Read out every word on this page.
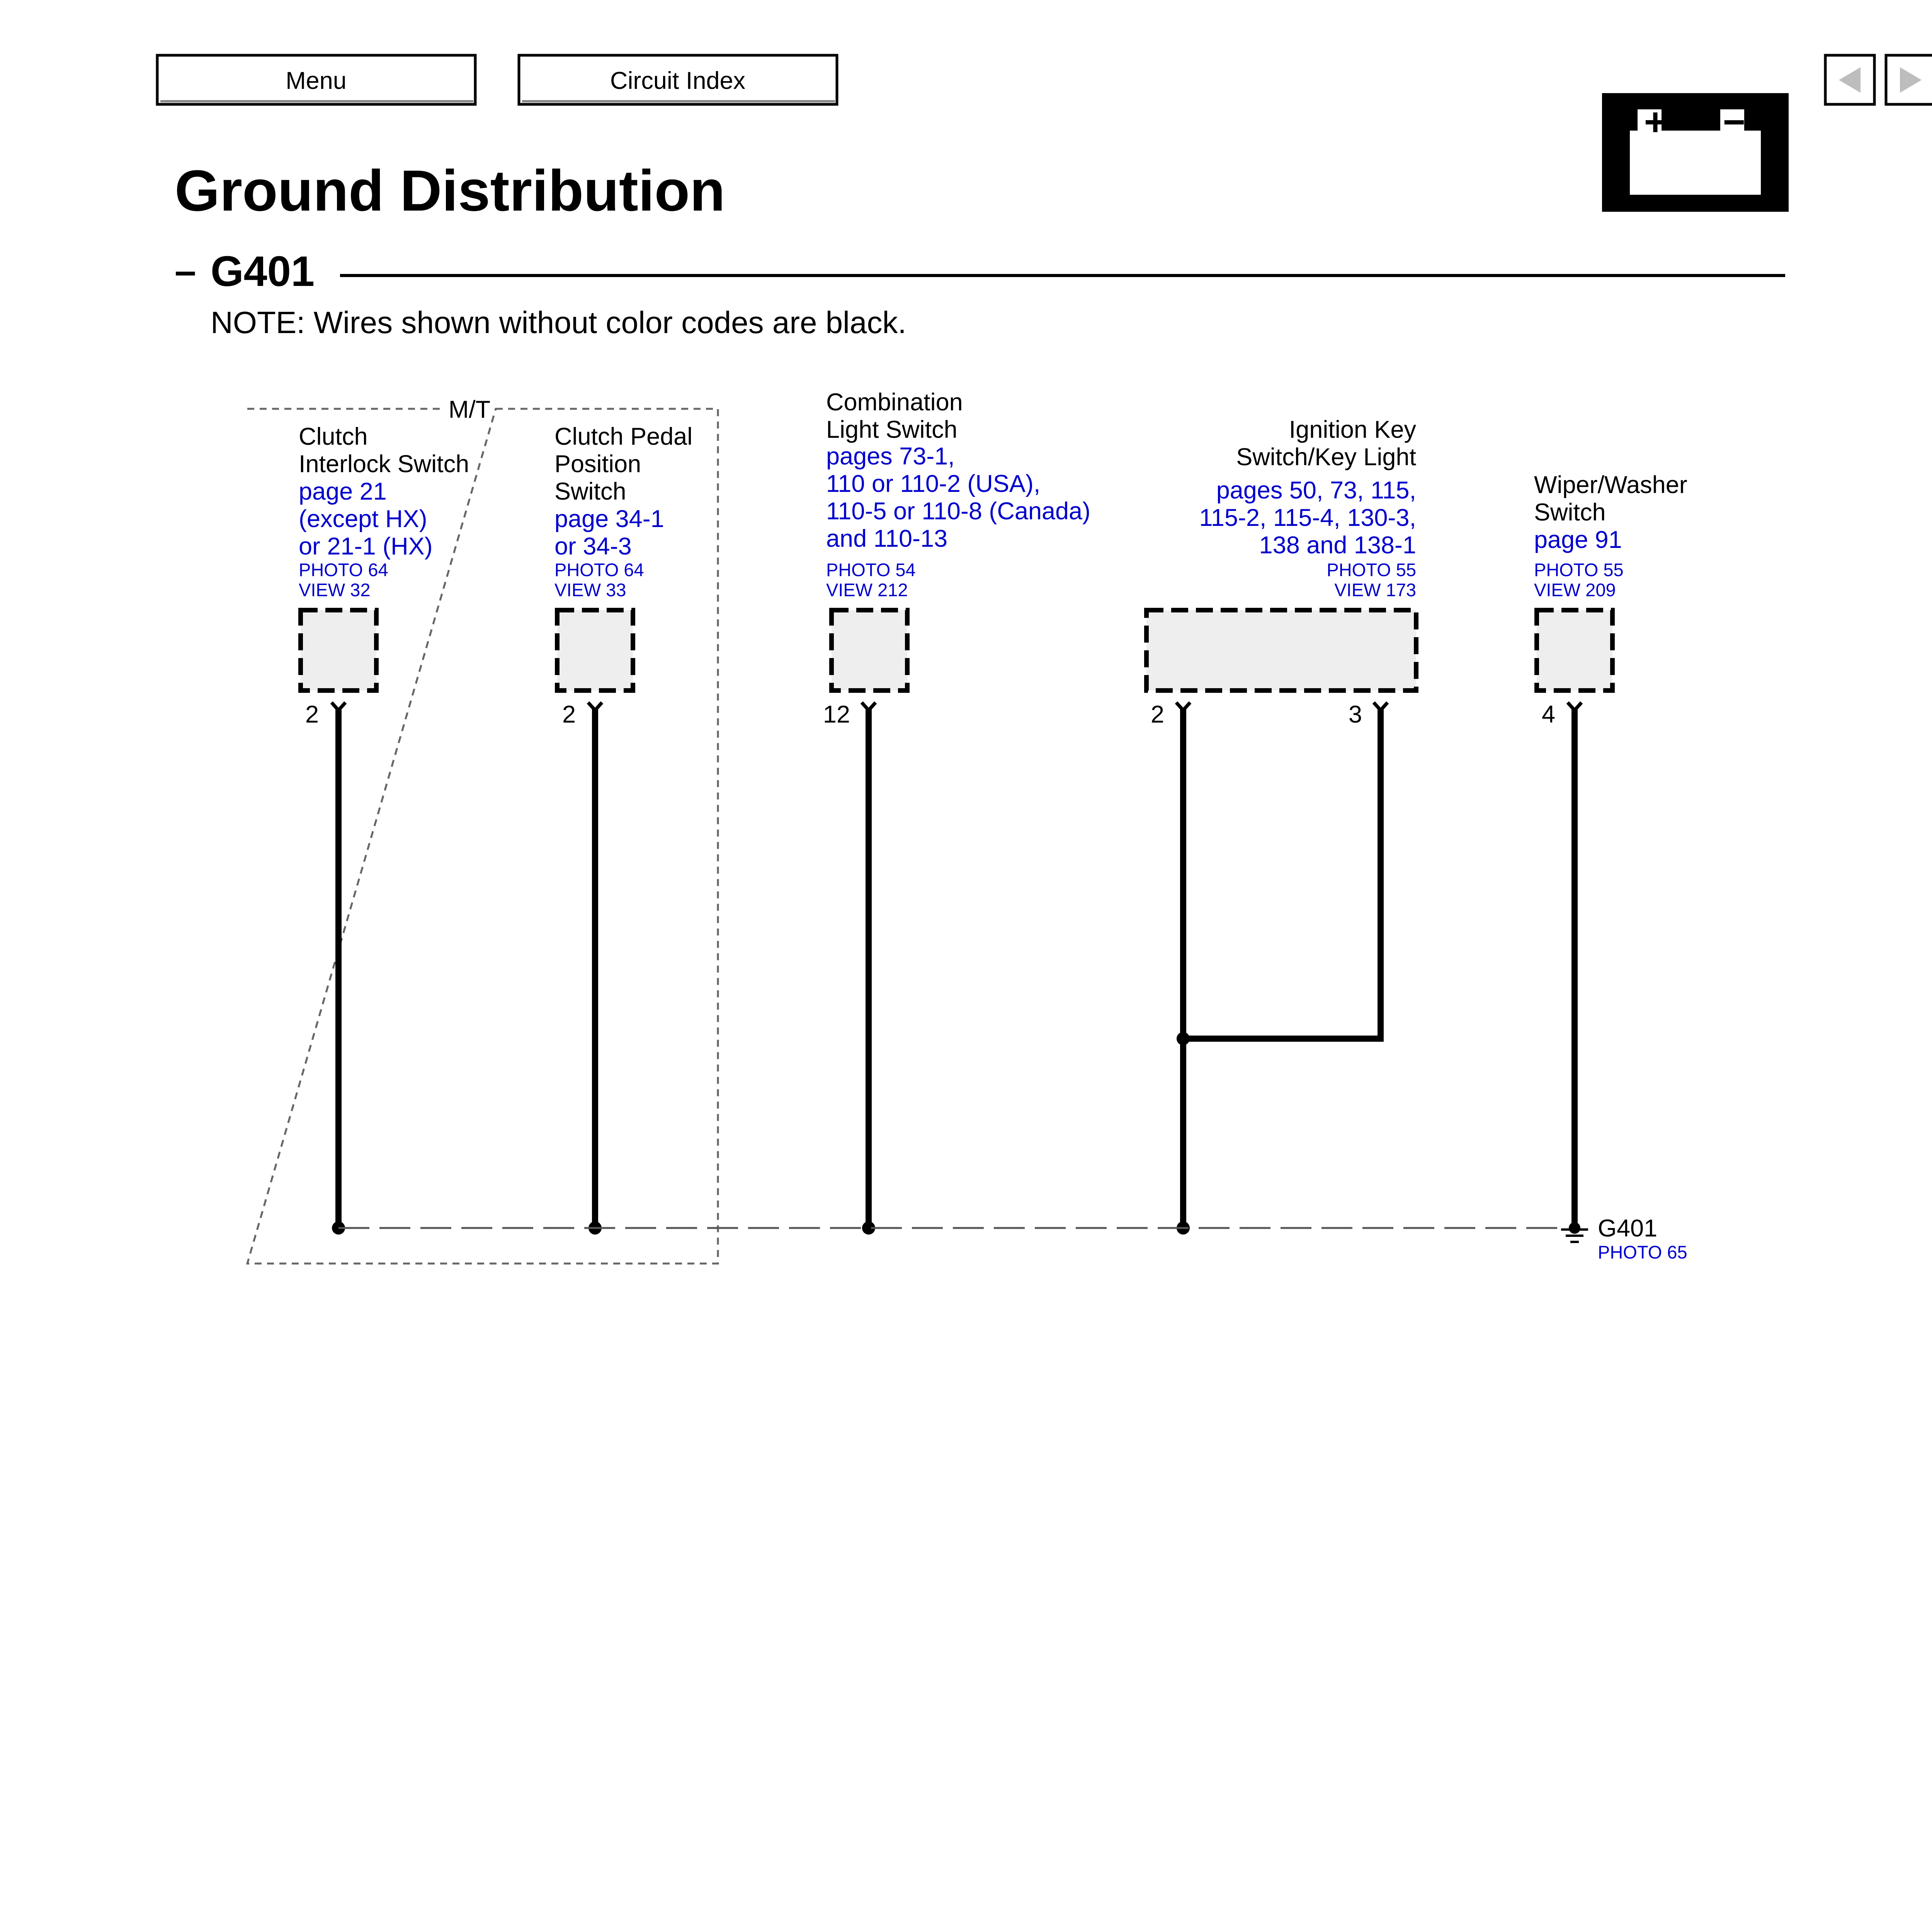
Menu	Circuit Index
+ −
Ground Distribution
– G401
NOTE: Wires shown without color codes are black.
M/T
Clutch
Interlock Switch
page 21
(except HX)
or 21-1 (HX)
PHOTO 64
VIEW 32
2
Clutch Pedal
Position
Switch
page 34-1
or 34-3
PHOTO 64
VIEW 33
2
Combination
Light Switch
pages 73-1,
110 or 110-2 (USA),
110-5 or 110-8 (Canada)
and 110-13
PHOTO 54
VIEW 212
12
Ignition Key
Switch/Key Light
pages 50, 73, 115,
115-2, 115-4, 130-3,
138 and 138-1
PHOTO 55
VIEW 173
2	3
Wiper/Washer
Switch
page 91
PHOTO 55
VIEW 209
4
G401
PHOTO 65
